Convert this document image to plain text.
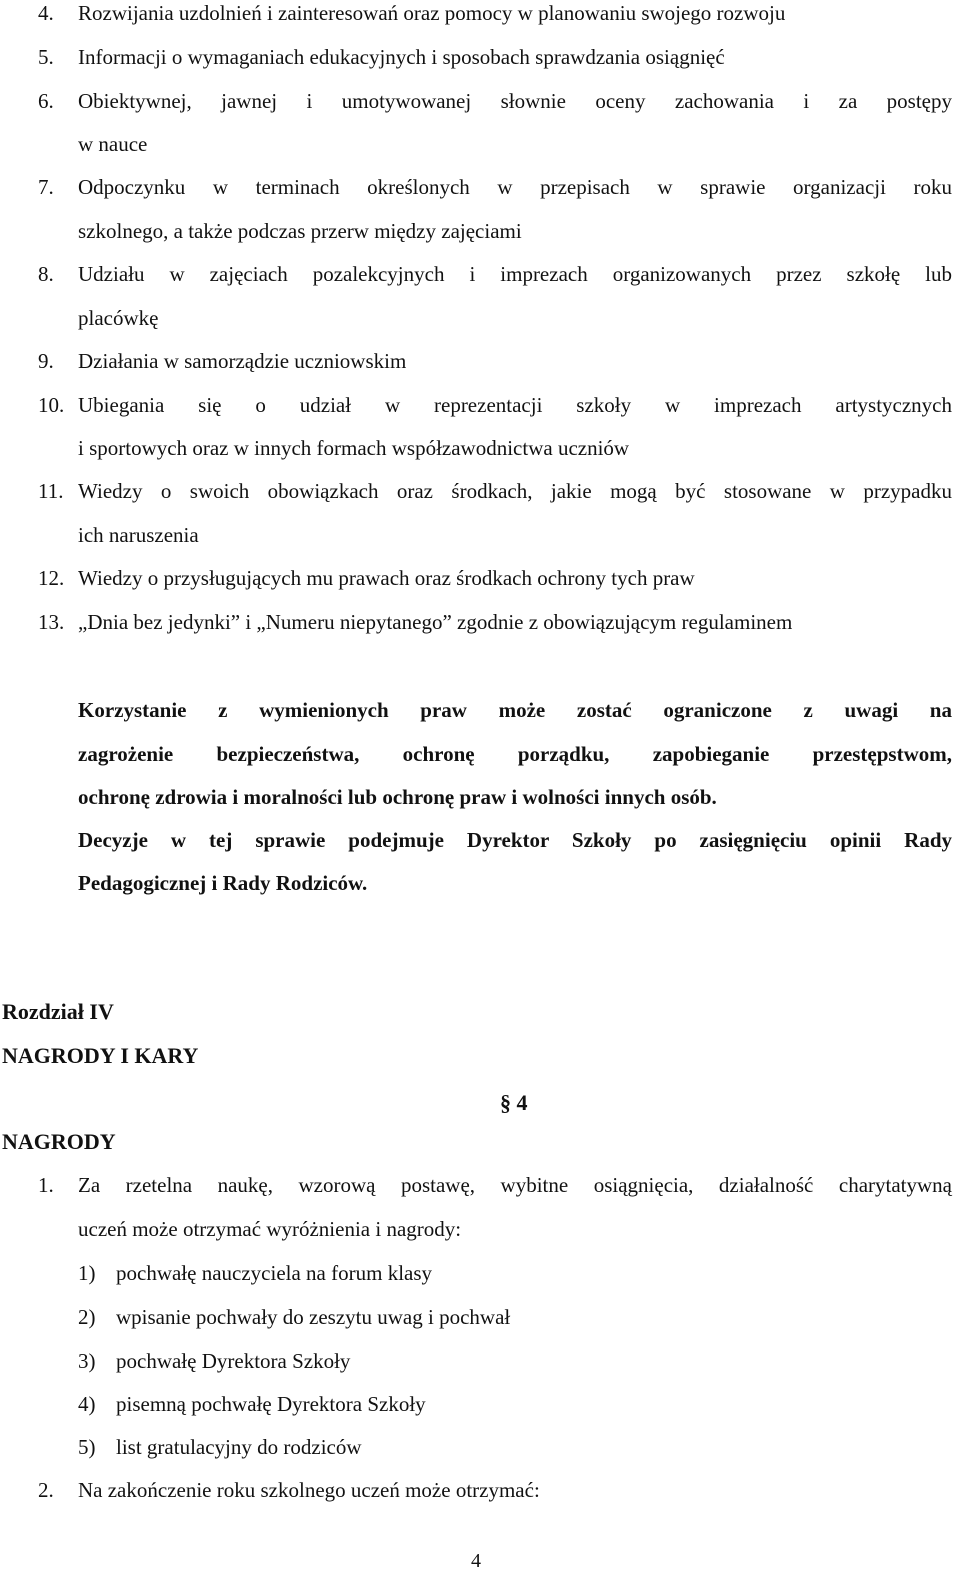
4. Rozwijania uzdolnień i zainteresowań oraz pomocy w planowaniu swojego rozwoju
5. Informacji o wymaganiach edukacyjnych i sposobach sprawdzania osiągnięć
6. Obiektywnej, jawnej i umotywowanej słownie oceny zachowania i za postępy
w nauce
7. Odpoczynku w terminach określonych w przepisach w sprawie organizacji roku
szkolnego, a także podczas przerw między zajęciami
8. Udziału w zajęciach pozalekcyjnych i imprezach organizowanych przez szkołę lub
placówkę
9. Działania w samorządzie uczniowskim
10. Ubiegania się o udział w reprezentacji szkoły w imprezach artystycznych
i sportowych oraz w innych formach współzawodnictwa uczniów
11. Wiedzy o swoich obowiązkach oraz środkach, jakie mogą być stosowane w przypadku
ich naruszenia
12. Wiedzy o przysługujących mu prawach oraz środkach ochrony tych praw
13. „Dnia bez jedynki” i „Numeru niepytanego” zgodnie z obowiązującym regulaminem
Korzystanie z wymienionych praw może zostać ograniczone z uwagi na
zagrożenie bezpieczeństwa, ochronę porządku, zapobieganie przestępstwom,
ochronę zdrowia i moralności lub ochronę praw i wolności innych osób.
Decyzje w tej sprawie podejmuje Dyrektor Szkoły po zasięgnięciu opinii Rady
Pedagogicznej i Rady Rodziców.
Rozdział IV
NAGRODY I KARY
§ 4
NAGRODY
1. Za rzetelna naukę, wzorową postawę, wybitne osiągnięcia, działalność charytatywną
uczeń może otrzymać wyróżnienia i nagrody:
1) pochwałę nauczyciela na forum klasy
2) wpisanie pochwały do zeszytu uwag i pochwał
3) pochwałę Dyrektora Szkoły
4) pisemną pochwałę Dyrektora Szkoły
5) list gratulacyjny do rodziców
2. Na zakończenie roku szkolnego uczeń może otrzymać:
4
